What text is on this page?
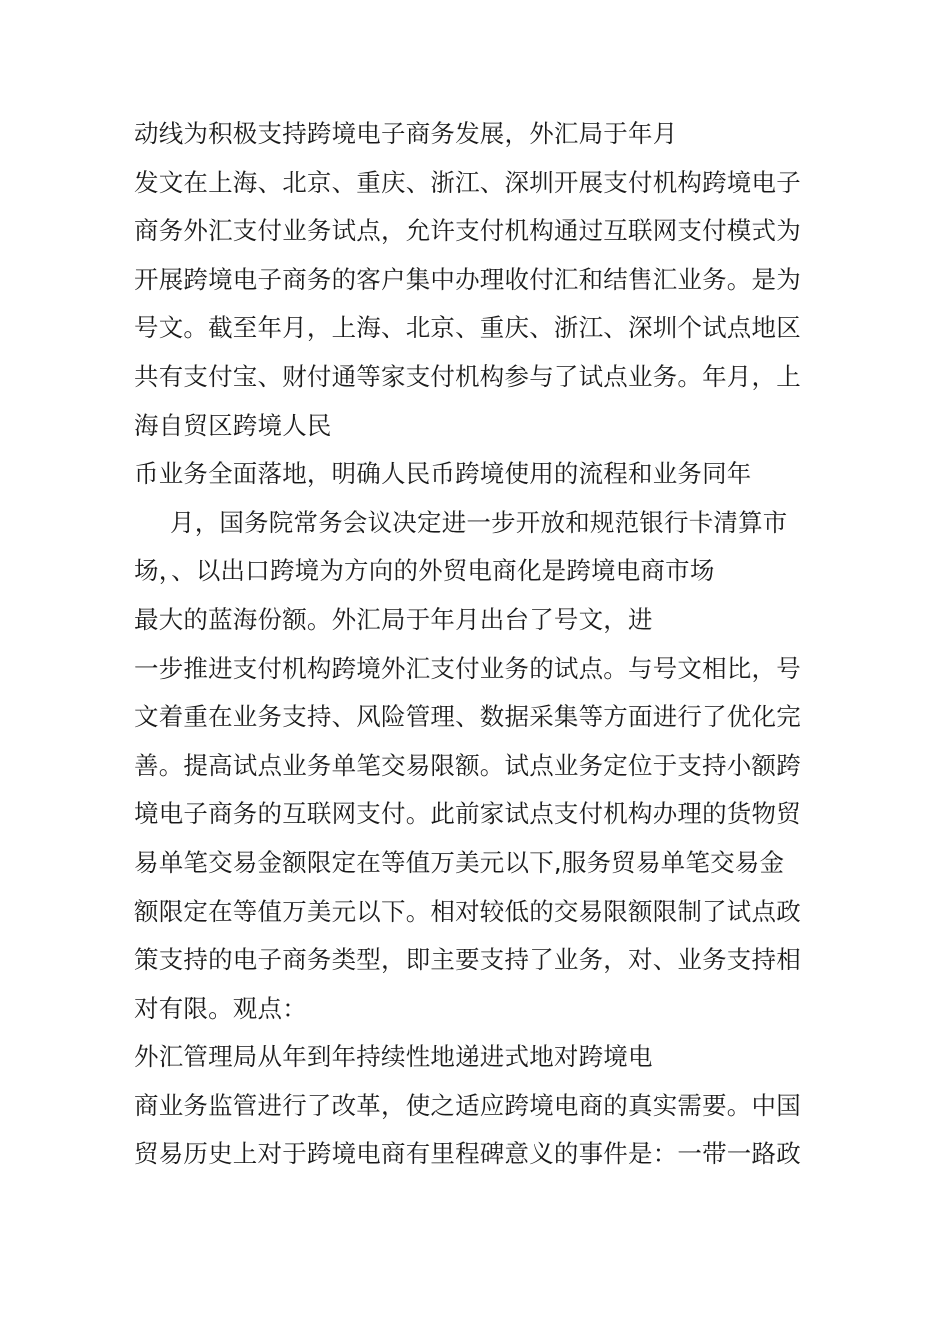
动线为积极支持跨境电子商务发展，外汇局于年月
发文在上海、北京、重庆、浙江、深圳开展支付机构跨境电子
商务外汇支付业务试点，允许支付机构通过互联网支付模式为
开展跨境电子商务的客户集中办理收付汇和结售汇业务。是为
号文。截至年月，上海、北京、重庆、浙江、深圳个试点地区
共有支付宝、财付通等家支付机构参与了试点业务。年月，上
海自贸区跨境人民
币业务全面落地，明确人民币跨境使用的流程和业务同年
月，国务院常务会议决定进一步开放和规范银行卡清算市
场，、以出口跨境为方向的外贸电商化是跨境电商市场
最大的蓝海份额。外汇局于年月出台了号文，进
一步推进支付机构跨境外汇支付业务的试点。与号文相比，号
文着重在业务支持、风险管理、数据采集等方面进行了优化完
善。提高试点业务单笔交易限额。试点业务定位于支持小额跨
境电子商务的互联网支付。此前家试点支付机构办理的货物贸
易单笔交易金额限定在等值万美元以下,服务贸易单笔交易金
额限定在等值万美元以下。相对较低的交易限额限制了试点政
策支持的电子商务类型，即主要支持了业务，对、业务支持相
对有限。观点：
外汇管理局从年到年持续性地递进式地对跨境电
商业务监管进行了改革，使之适应跨境电商的真实需要。中国
贸易历史上对于跨境电商有里程碑意义的事件是：一带一路政
